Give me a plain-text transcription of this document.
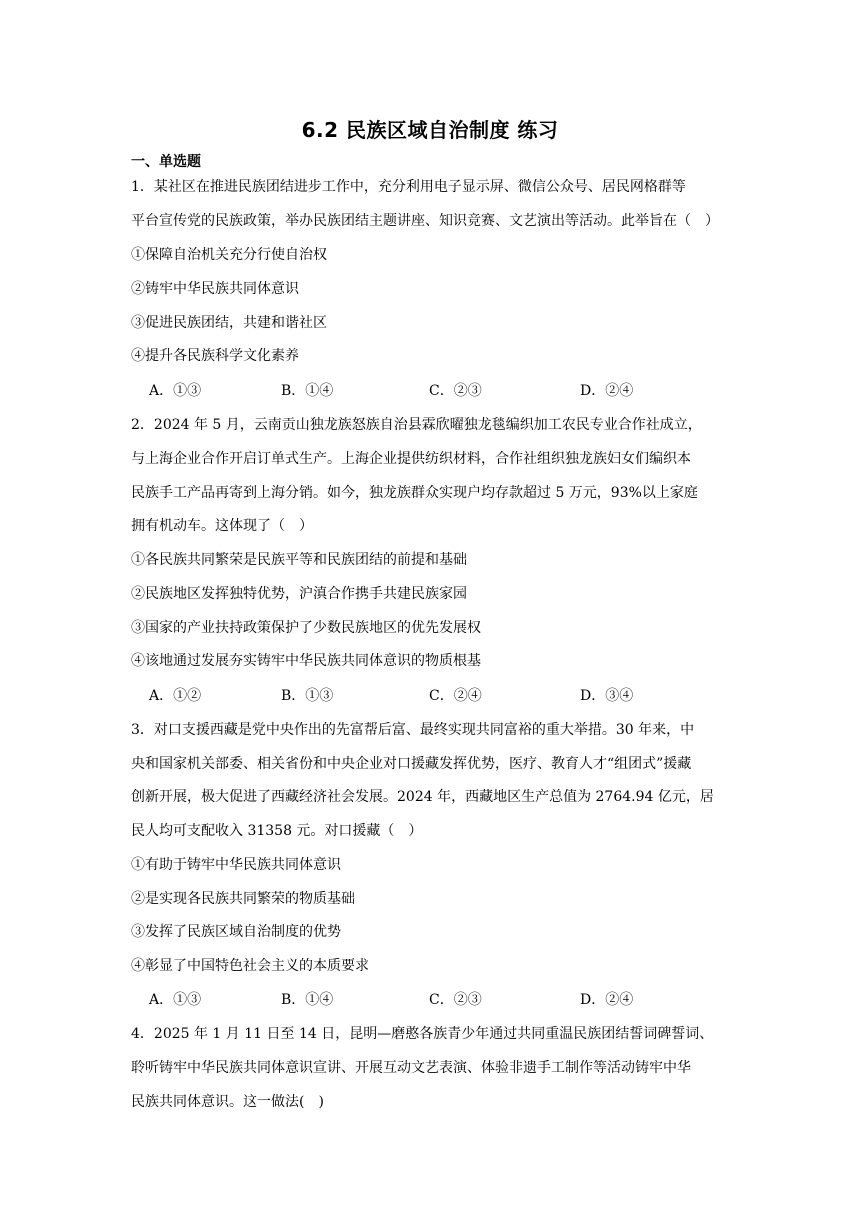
6.2 民族区域自治制度 练习
一、单选题
1．某社区在推进民族团结进步工作中，充分利用电子显示屏、微信公众号、居民网格群等
平台宣传党的民族政策，举办民族团结主题讲座、知识竞赛、文艺演出等活动。此举旨在（　）
①保障自治机关充分行使自治权
②铸牢中华民族共同体意识
③促进民族团结，共建和谐社区
④提升各民族科学文化素养
A．①③	B．①④	C．②③	D．②④
2．2024 年 5 月，云南贡山独龙族怒族自治县霖欣曜独龙毯编织加工农民专业合作社成立，
与上海企业合作开启订单式生产。上海企业提供纺织材料，合作社组织独龙族妇女们编织本
民族手工产品再寄到上海分销。如今，独龙族群众实现户均存款超过 5 万元，93%以上家庭
拥有机动车。这体现了（　）
①各民族共同繁荣是民族平等和民族团结的前提和基础
②民族地区发挥独特优势，沪滇合作携手共建民族家园
③国家的产业扶持政策保护了少数民族地区的优先发展权
④该地通过发展夯实铸牢中华民族共同体意识的物质根基
A．①②	B．①③	C．②④	D．③④
3．对口支援西藏是党中央作出的先富帮后富、最终实现共同富裕的重大举措。30 年来，中
央和国家机关部委、相关省份和中央企业对口援藏发挥优势，医疗、教育人才“组团式”援藏
创新开展，极大促进了西藏经济社会发展。2024 年，西藏地区生产总值为 2764.94 亿元，居
民人均可支配收入 31358 元。对口援藏（　）
①有助于铸牢中华民族共同体意识
②是实现各民族共同繁荣的物质基础
③发挥了民族区域自治制度的优势
④彰显了中国特色社会主义的本质要求
A．①③	B．①④	C．②③	D．②④
4．2025 年 1 月 11 日至 14 日，昆明—磨憨各族青少年通过共同重温民族团结誓词碑誓词、
聆听铸牢中华民族共同体意识宣讲、开展互动文艺表演、体验非遗手工制作等活动铸牢中华
民族共同体意识。这一做法(　)
